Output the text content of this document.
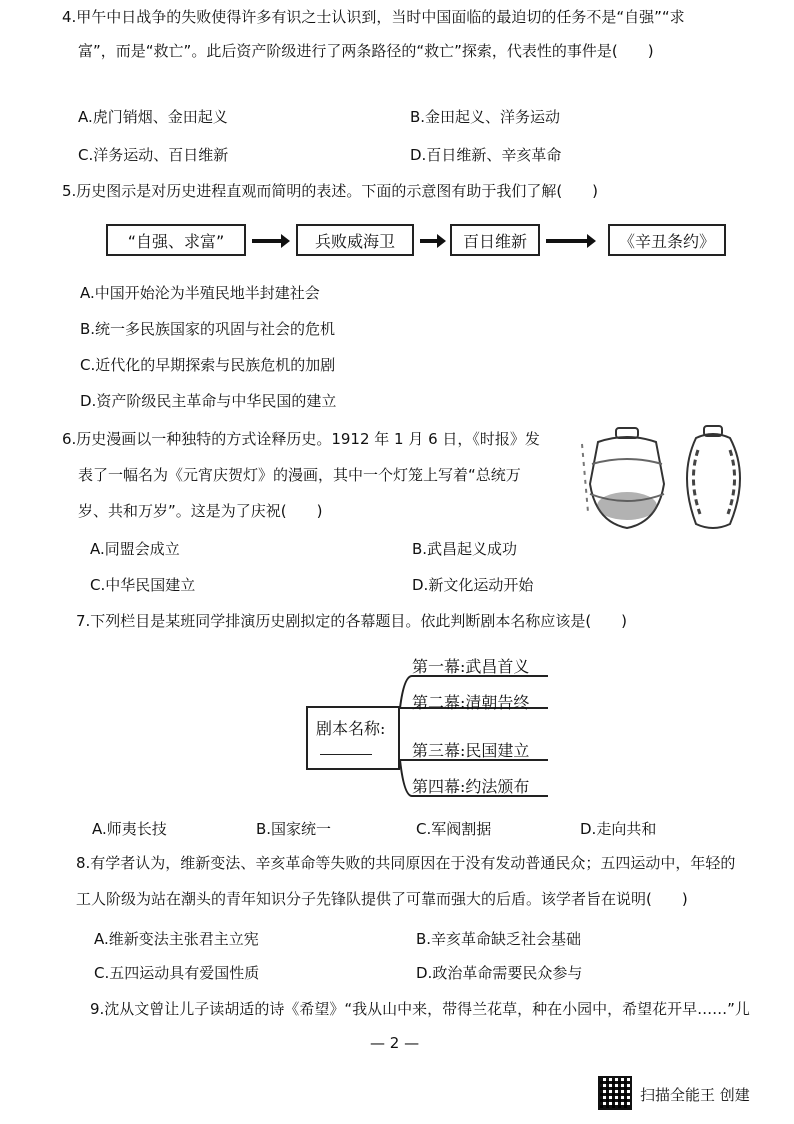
4.甲午中日战争的失败使得许多有识之士认识到，当时中国面临的最迫切的任务不是“自强”“求
富”，而是“救亡”。此后资产阶级进行了两条路径的“救亡”探索，代表性的事件是(　　)
A.虎门销烟、金田起义	B.金田起义、洋务运动
C.洋务运动、百日维新	D.百日维新、辛亥革命
5.历史图示是对历史进程直观而简明的表述。下面的示意图有助于我们了解(　　)
“自强、求富”	兵败威海卫	百日维新	《辛丑条约》
A.中国开始沦为半殖民地半封建社会
B.统一多民族国家的巩固与社会的危机
C.近代化的早期探索与民族危机的加剧
D.资产阶级民主革命与中华民国的建立
6.历史漫画以一种独特的方式诠释历史。1912 年 1 月 6 日，《时报》发
表了一幅名为《元宵庆贺灯》的漫画，其中一个灯笼上写着“总统万
岁、共和万岁”。这是为了庆祝(　　)
A.同盟会成立	B.武昌起义成功
C.中华民国建立	D.新文化运动开始
7.下列栏目是某班同学排演历史剧拟定的各幕题目。依此判断剧本名称应该是(　　)
剧本名称:
第一幕:武昌首义
第二幕:清朝告终
第三幕:民国建立
第四幕:约法颁布
A.师夷长技	B.国家统一	C.军阀割据	D.走向共和
8.有学者认为，维新变法、辛亥革命等失败的共同原因在于没有发动普通民众；五四运动中，年轻的
工人阶级为站在潮头的青年知识分子先锋队提供了可靠而强大的后盾。该学者旨在说明(　　)
A.维新变法主张君主立宪	B.辛亥革命缺乏社会基础
C.五四运动具有爱国性质	D.政治革命需要民众参与
9.沈从文曾让儿子读胡适的诗《希望》“我从山中来，带得兰花草，种在小园中，希望花开早……”儿
— 2 —
扫描全能王 创建
